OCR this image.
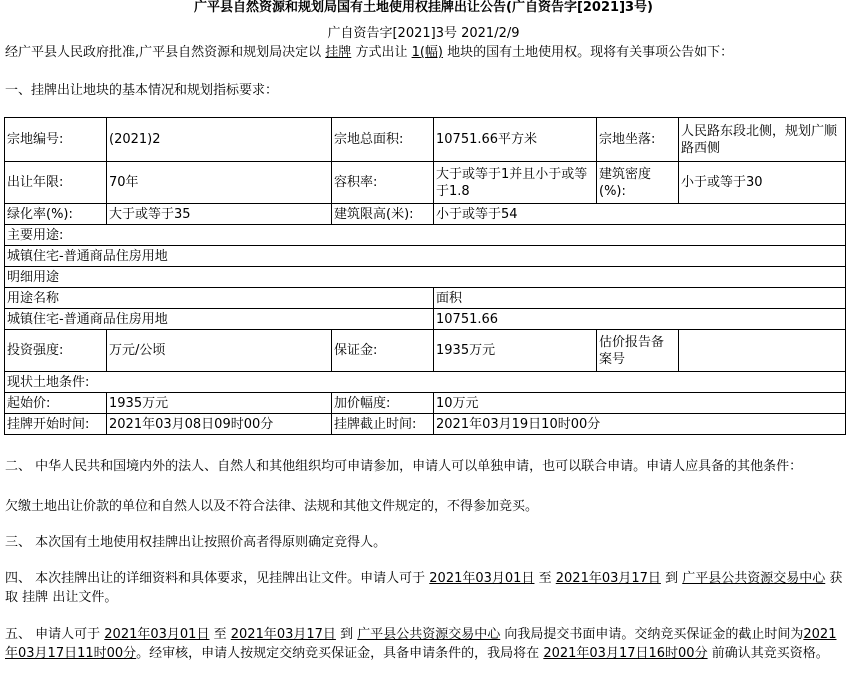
广平县自然资源和规划局国有土地使用权挂牌出让公告(广自资告字[2021]3号)
广自资告字[2021]3号 2021/2/9
经广平县人民政府批准,广平县自然资源和规划局决定以 挂牌 方式出让 1(幅) 地块的国有土地使用权。现将有关事项公告如下：
一、挂牌出让地块的基本情况和规划指标要求：
宗地编号:	(2021)2	宗地总面积:	10751.66平方米	宗地坐落:	人民路东段北侧，规划广顺路西侧
出让年限:	70年	容积率:	大于或等于1并且小于或等于1.8	建筑密度(%):	小于或等于30
绿化率(%):	大于或等于35	建筑限高(米):	小于或等于54		
主要用途:					
城镇住宅-普通商品住房用地					
明细用途					
用途名称			面积		
城镇住宅-普通商品住房用地			10751.66		
投资强度:	万元/公顷	保证金:	1935万元	估价报告备案号	
现状土地条件:					
起始价:	1935万元	加价幅度:	10万元		
挂牌开始时间:	2021年03月08日09时00分	挂牌截止时间:	2021年03月19日10时00分		
二、 中华人民共和国境内外的法人、自然人和其他组织均可申请参加，申请人可以单独申请，也可以联合申请。申请人应具备的其他条件：
欠缴土地出让价款的单位和自然人以及不符合法律、法规和其他文件规定的，不得参加竞买。
三、 本次国有土地使用权挂牌出让按照价高者得原则确定竞得人。
四、 本次挂牌出让的详细资料和具体要求，见挂牌出让文件。申请人可于 2021年03月01日 至 2021年03月17日 到 广平县公共资源交易中心 获取 挂牌 出让文件。
五、 申请人可于 2021年03月01日 至 2021年03月17日 到 广平县公共资源交易中心 向我局提交书面申请。交纳竞买保证金的截止时间为2021年03月17日11时00分。经审核，申请人按规定交纳竞买保证金，具备申请条件的，我局将在 2021年03月17日16时00分 前确认其竞买资格。
